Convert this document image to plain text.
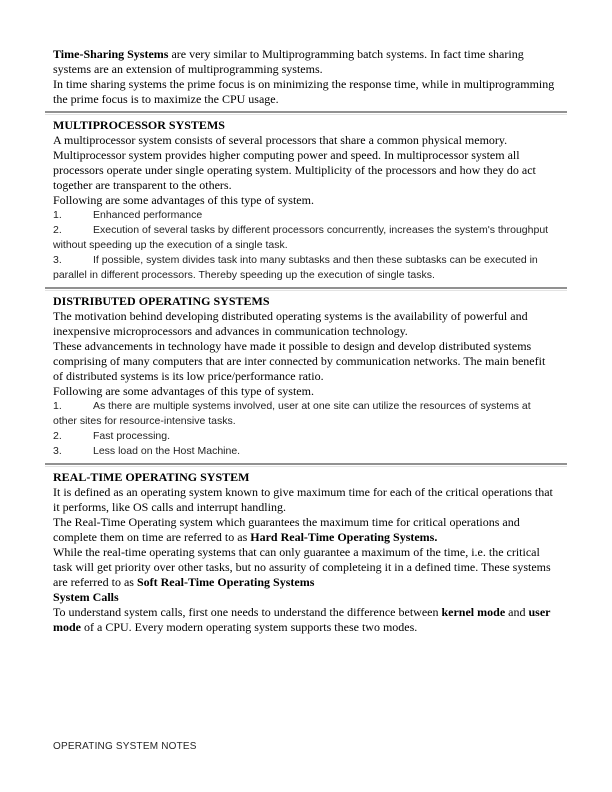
Time-Sharing Systems are very similar to Multiprogramming batch systems. In fact time sharing systems are an extension of multiprogramming systems.

In time sharing systems the prime focus is on minimizing the response time, while in multiprogramming the prime focus is to maximize the CPU usage.

MULTIPROCESSOR SYSTEMS

A multiprocessor system consists of several processors that share a common physical memory. Multiprocessor system provides higher computing power and speed. In multiprocessor system all processors operate under single operating system. Multiplicity of the processors and how they do act together are transparent to the others.

Following are some advantages of this type of system.

1.	Enhanced performance

2.	Execution of several tasks by different processors concurrently, increases the system's throughput without speeding up the execution of a single task.

3.	If possible, system divides task into many subtasks and then these subtasks can be executed in parallel in different processors. Thereby speeding up the execution of single tasks.

DISTRIBUTED OPERATING SYSTEMS

The motivation behind developing distributed operating systems is the availability of powerful and inexpensive microprocessors and advances in communication technology.

These advancements in technology have made it possible to design and develop distributed systems comprising of many computers that are inter connected by communication networks. The main benefit of distributed systems is its low price/performance ratio.

Following are some advantages of this type of system.

1.	As there are multiple systems involved, user at one site can utilize the resources of systems at other sites for resource-intensive tasks.

2.	Fast processing.

3.	Less load on the Host Machine.

REAL-TIME OPERATING SYSTEM

It is defined as an operating system known to give maximum time for each of the critical operations that it performs, like OS calls and interrupt handling.

The Real-Time Operating system which guarantees the maximum time for critical operations and complete them on time are referred to as Hard Real-Time Operating Systems.

While the real-time operating systems that can only guarantee a maximum of the time, i.e. the critical task will get priority over other tasks, but no assurity of completeing it in a defined time. These systems are referred to as Soft Real-Time Operating Systems

System Calls

To understand system calls, first one needs to understand the difference between kernel mode and user mode of a CPU. Every modern operating system supports these two modes.

OPERATING SYSTEM NOTES
